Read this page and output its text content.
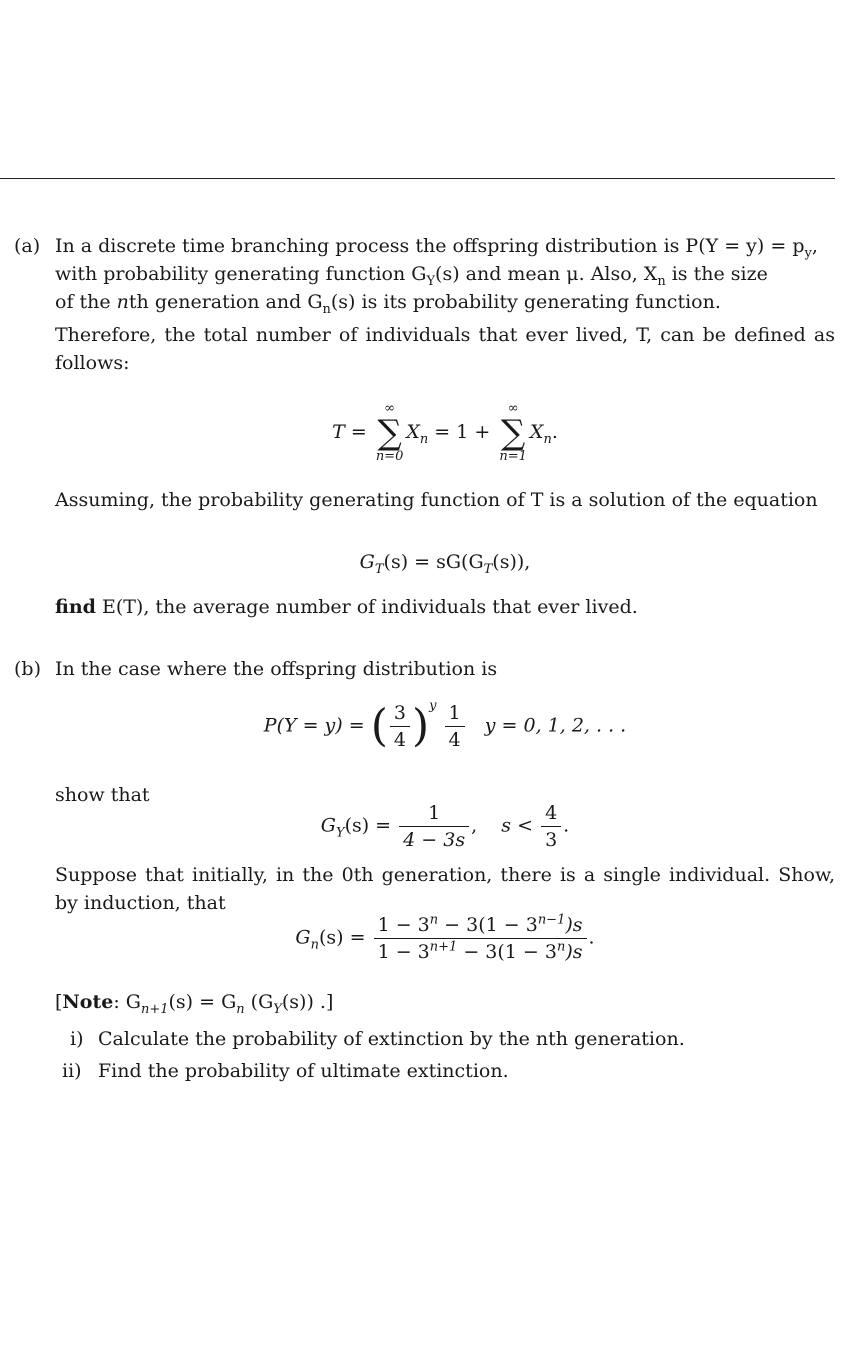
(a) In a discrete time branching process the offspring distribution is $P(Y = y) = p_y$,
with probability generating function $G_Y(s)$ and mean μ. Also, $X_n$ is the size
of the nth generation and $G_n(s)$ is its probability generating function.
Therefore, the total number of individuals that ever lived, T, can be defined as follows:
T =
∞
∑
n=0
$X_n = 1$ +
∞
∑
n=1
$X_n$.
Assuming, the probability generating function of T is a solution of the equation
$G_T(s) = sG(G_T(s))$,
find E(T), the average number of individuals that ever lived.
(b) In the case where the offspring distribution is
P(Y = y) = ( $\frac{3}{4} )^y \frac{1}{4}$ y = 0, 1, 2, . . .
show that
$G_Y(s) = \frac{1}{4 - 3s}$ ,    $s < \frac{4}{3}$ .
Suppose that initially, in the 0th generation, there is a single individual. Show, by induction, that
$G_n(s) = \frac{1 - 3^n - 3(1 - 3^{n-1})s}{1 - 3^{n+1} - 3(1 - 3^n)s}$ .
[Note: $G_{n+1}(s) = G_n$ $(G_Y(s))$ .]
i) Calculate the probability of extinction by the nth generation.
ii) Find the probability of ultimate extinction.
